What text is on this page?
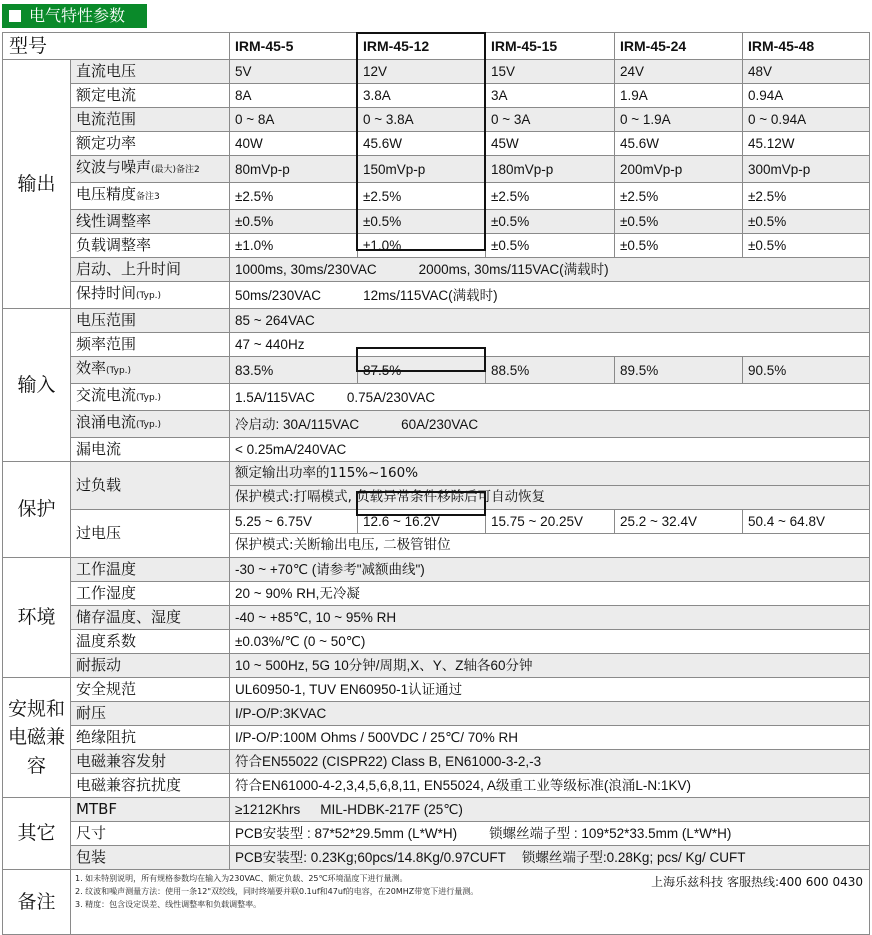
电气特性参数
型号		IRM-45-5	IRM-45-12	IRM-45-15	IRM-45-24	IRM-45-48
输出	直流电压	5V	12V	15V	24V	48V
	额定电流	8A	3.8A	3A	1.9A	0.94A
	电流范围	0 ~ 8A	0 ~ 3.8A	0 ~ 3A	0 ~ 1.9A	0 ~ 0.94A
	额定功率	40W	45.6W	45W	45.6W	45.12W
	纹波与噪声(最大)备注2	80mVp-p	150mVp-p	180mVp-p	200mVp-p	300mVp-p
	电压精度备注3	±2.5%	±2.5%	±2.5%	±2.5%	±2.5%
	线性调整率	±0.5%	±0.5%	±0.5%	±0.5%	±0.5%
	负载调整率	±1.0%	±1.0%	±0.5%	±0.5%	±0.5%
	启动、上升时间	1000ms, 30ms/230VAC 2000ms, 30ms/115VAC(满载时)				
	保持时间(Typ.)	50ms/230VAC 12ms/115VAC(满载时)				
输入	电压范围	85 ~ 264VAC				
	频率范围	47 ~ 440Hz				
	效率(Typ.)	83.5%	87.5%	88.5%	89.5%	90.5%
	交流电流(Typ.)	1.5A/115VAC 0.75A/230VAC				
	浪涌电流(Typ.)	冷启动: 30A/115VAC 60A/230VAC				
	漏电流	< 0.25mA/240VAC				
保护	过负载	额定输出功率的115%~160%				
		保护模式:打嗝模式, 负载异常条件移除后可自动恢复				
	过电压	5.25 ~ 6.75V	12.6 ~ 16.2V	15.75 ~ 20.25V	25.2 ~ 32.4V	50.4 ~ 64.8V
		保护模式:关断输出电压, 二极管钳位				
环境	工作温度	-30 ~ +70℃ (请参考"减额曲线")				
	工作湿度	20 ~ 90% RH,无冷凝				
	储存温度、湿度	-40 ~ +85℃, 10 ~ 95% RH				
	温度系数	±0.03%/℃ (0 ~ 50℃)				
	耐振动	10 ~ 500Hz, 5G 10分钟/周期,X、Y、Z轴各60分钟				
安规和电磁兼容	安全规范	UL60950-1, TUV EN60950-1认证通过				
	耐压	I/P-O/P:3KVAC				
	绝缘阻抗	I/P-O/P:100M Ohms / 500VDC / 25℃/ 70% RH				
	电磁兼容发射	符合EN55022 (CISPR22) Class B, EN61000-3-2,-3				
	电磁兼容抗扰度	符合EN61000-4-2,3,4,5,6,8,11, EN55024, A级重工业等级标准(浪涌L-N:1KV)				
其它	MTBF	≥1212Khrs MIL-HDBK-217F (25℃)				
	尺寸	PCB安装型 : 87*52*29.5mm (L*W*H) 锁螺丝端子型 : 109*52*33.5mm (L*W*H)				
	包装	PCB安装型: 0.23Kg;60pcs/14.8Kg/0.97CUFT 锁螺丝端子型:0.28Kg; pcs/ Kg/ CUFT				
备注	上海乐兹科技 客服热线:400 600 0430
1. 如未特别说明，所有规格参数均在输入为230VAC、额定负载、25℃环境温度下进行量测。
2. 纹波和噪声测量方法：使用一条12"双绞线，同时终端要并联0.1uf和47uf的电容，在20MHZ带宽下进行量测。
3. 精度：包含设定误差、线性调整率和负载调整率。					
